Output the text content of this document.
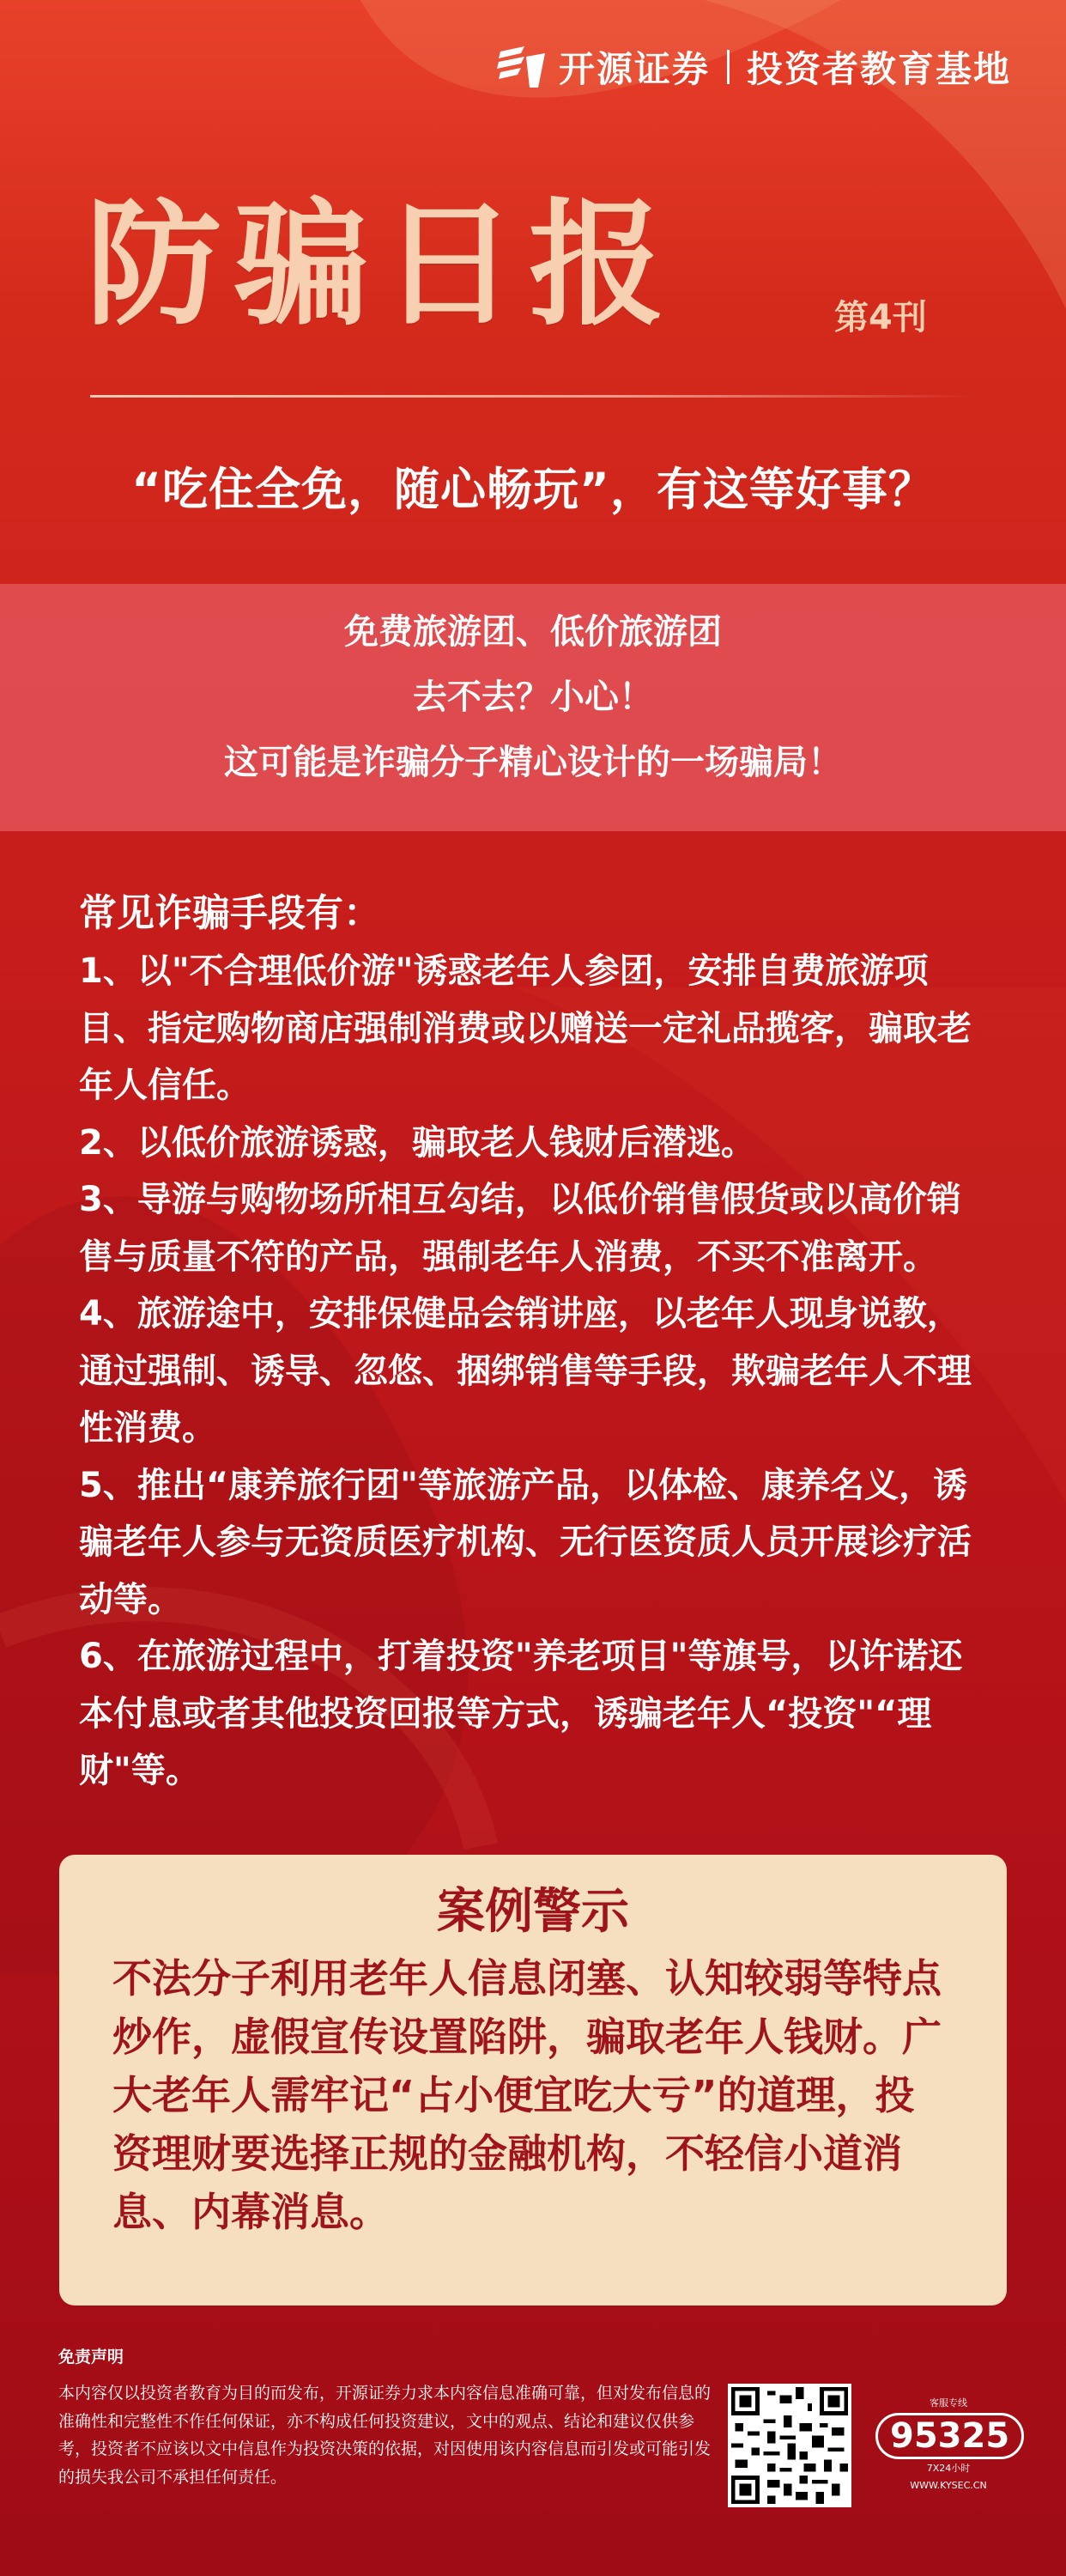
开源证券 投资者教育基地
防骗日报	第4刊
“吃住全免，随心畅玩”，有这等好事？
免费旅游团、低价旅游团
去不去？小心！
这可能是诈骗分子精心设计的一场骗局！
常见诈骗手段有：

1、以"不合理低价游"诱惑老年人参团，安排自费旅游项目、指定购物商店强制消费或以赠送一定礼品揽客，骗取老年人信任。

2、以低价旅游诱惑，骗取老人钱财后潜逃。

3、导游与购物场所相互勾结，以低价销售假货或以高价销售与质量不符的产品，强制老年人消费，不买不准离开。

4、旅游途中，安排保健品会销讲座，以老年人现身说教，通过强制、诱导、忽悠、捆绑销售等手段，欺骗老年人不理性消费。

5、推出“康养旅行团"等旅游产品，以体检、康养名义，诱骗老年人参与无资质医疗机构、无行医资质人员开展诊疗活动等。

6、在旅游过程中，打着投资"养老项目"等旗号，以许诺还本付息或者其他投资回报等方式，诱骗老年人“投资"“理财"等。

案例警示
不法分子利用老年人信息闭塞、认知较弱等特点炒作，虚假宣传设置陷阱，骗取老年人钱财。广大老年人需牢记“占小便宜吃大亏”的道理，投资理财要选择正规的金融机构，不轻信小道消息、内幕消息。
免责声明
本内容仅以投资者教育为目的而发布，开源证券力求本内容信息准确可靠，但对发布信息的准确性和完整性不作任何保证，亦不构成任何投资建议，文中的观点、结论和建议仅供参考，投资者不应该以文中信息作为投资决策的依据，对因使用该内容信息而引发或可能引发的损失我公司不承担任何责任。
客服专线
95325
7X24小时
WWW.KYSEC.CN
